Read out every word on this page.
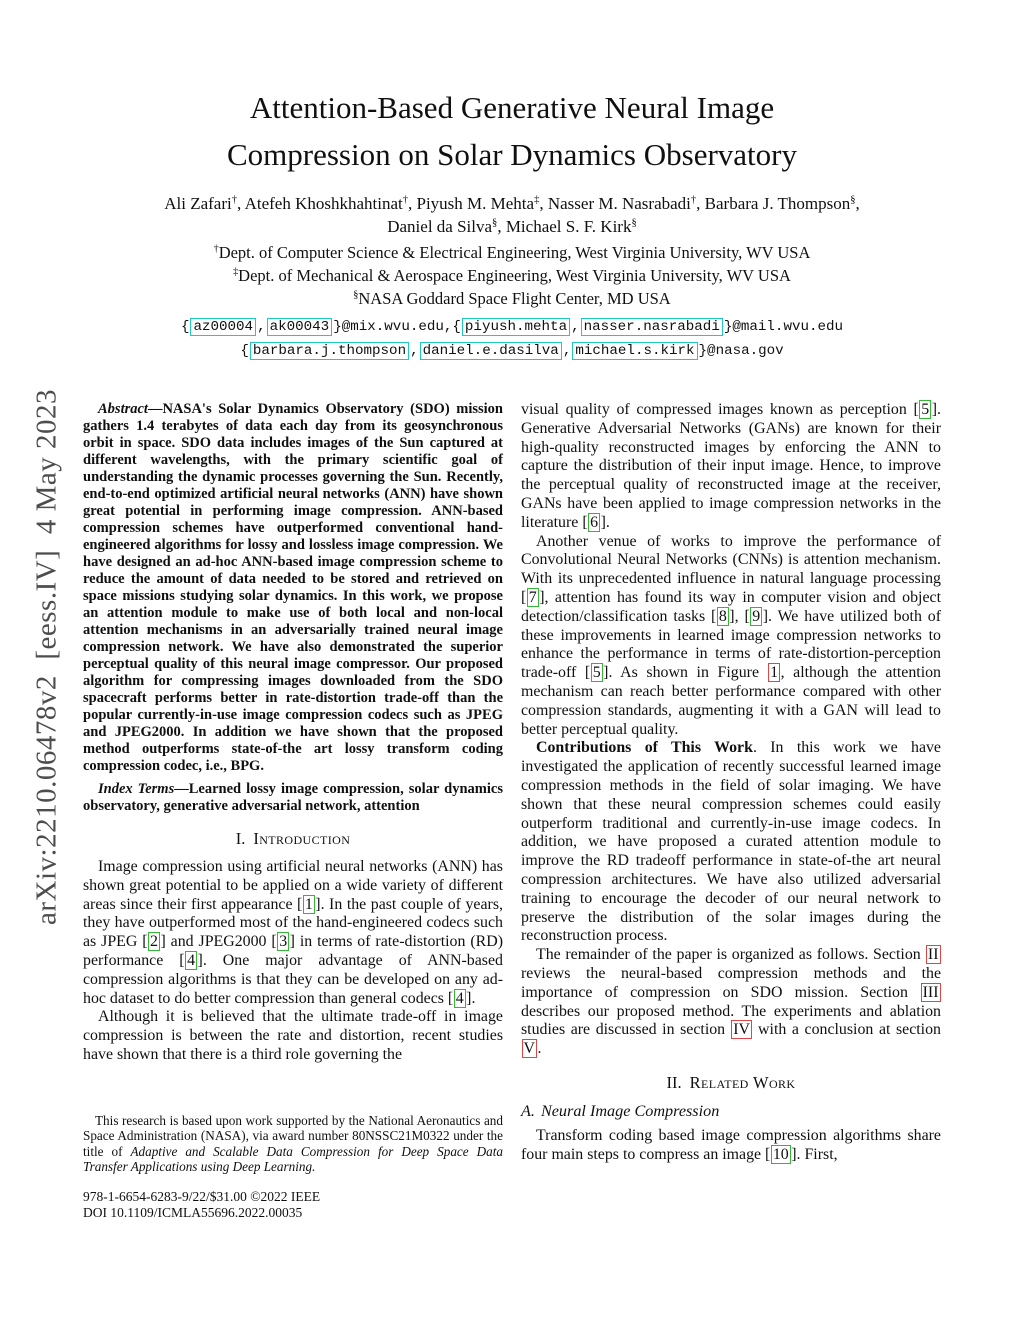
arXiv:2210.06478v2  [eess.IV]  4 May 2023
Attention-Based Generative Neural Image
Compression on Solar Dynamics Observatory
Ali Zafari†, Atefeh Khoshkhahtinat†, Piyush M. Mehta‡, Nasser M. Nasrabadi†, Barbara J. Thompson§,
Daniel da Silva§, Michael S. F. Kirk§
†Dept. of Computer Science & Electrical Engineering, West Virginia University, WV USA
‡Dept. of Mechanical & Aerospace Engineering, West Virginia University, WV USA
§NASA Goddard Space Flight Center, MD USA
{ az00004 , ak00043 }@mix.wvu.edu,{ piyush.mehta , nasser.nasrabadi }@mail.wvu.edu
{ barbara.j.thompson , daniel.e.dasilva , michael.s.kirk }@nasa.gov

Abstract—NASA's Solar Dynamics Observatory (SDO) mission gathers 1.4 terabytes of data each day from its geosynchronous orbit in space. SDO data includes images of the Sun captured at different wavelengths, with the primary scientific goal of understanding the dynamic processes governing the Sun. Recently, end-to-end optimized artificial neural networks (ANN) have shown great potential in performing image compression. ANN-based compression schemes have outperformed conventional hand-engineered algorithms for lossy and lossless image compression. We have designed an ad-hoc ANN-based image compression scheme to reduce the amount of data needed to be stored and retrieved on space missions studying solar dynamics. In this work, we propose an attention module to make use of both local and non-local attention mechanisms in an adversarially trained neural image compression network. We have also demonstrated the superior perceptual quality of this neural image compressor. Our proposed algorithm for compressing images downloaded from the SDO spacecraft performs better in rate-distortion trade-off than the popular currently-in-use image compression codecs such as JPEG and JPEG2000. In addition we have shown that the proposed method outperforms state-of-the art lossy transform coding compression codec, i.e., BPG.

Index Terms—Learned lossy image compression, solar dynamics observatory, generative adversarial network, attention

I. Introduction

Image compression using artificial neural networks (ANN) has shown great potential to be applied on a wide variety of different areas since their first appearance [ 1 ]. In the past couple of years, they have outperformed most of the hand-engineered codecs such as JPEG [ 2 ] and JPEG2000 [ 3 ] in terms of rate-distortion (RD) performance [ 4 ]. One major advantage of ANN-based compression algorithms is that they can be developed on any ad-hoc dataset to do better compression than general codecs [ 4 ].

Although it is believed that the ultimate trade-off in image compression is between the rate and distortion, recent studies have shown that there is a third role governing the

visual quality of compressed images known as perception [ 5 ]. Generative Adversarial Networks (GANs) are known for their high-quality reconstructed images by enforcing the ANN to capture the distribution of their input image. Hence, to improve the perceptual quality of reconstructed image at the receiver, GANs have been applied to image compression networks in the literature [ 6 ].

Another venue of works to improve the performance of Convolutional Neural Networks (CNNs) is attention mechanism. With its unprecedented influence in natural language processing [ 7 ], attention has found its way in computer vision and object detection/classification tasks [ 8 ], [ 9 ]. We have utilized both of these improvements in learned image compression networks to enhance the performance in terms of rate-distortion-perception trade-off [ 5 ]. As shown in Figure 1 , although the attention mechanism can reach better performance compared with other compression standards, augmenting it with a GAN will lead to better perceptual quality.

Contributions of This Work. In this work we have investigated the application of recently successful learned image compression methods in the field of solar imaging. We have shown that these neural compression schemes could easily outperform traditional and currently-in-use image codecs. In addition, we have proposed a curated attention module to improve the RD tradeoff performance in state-of-the art neural compression architectures. We have also utilized adversarial training to encourage the decoder of our neural network to preserve the distribution of the solar images during the reconstruction process.

The remainder of the paper is organized as follows. Section II reviews the neural-based compression methods and the importance of compression on SDO mission. Section III describes our proposed method. The experiments and ablation studies are discussed in section IV with a conclusion at section V .

II. Related Work
A. Neural Image Compression

Transform coding based image compression algorithms share four main steps to compress an image [ 10 ]. First,

This research is based upon work supported by the National Aeronautics and Space Administration (NASA), via award number 80NSSC21M0322 under the title of Adaptive and Scalable Data Compression for Deep Space Data Transfer Applications using Deep Learning.
978-1-6654-6283-9/22/$31.00 ©2022 IEEE
DOI 10.1109/ICMLA55696.2022.00035
